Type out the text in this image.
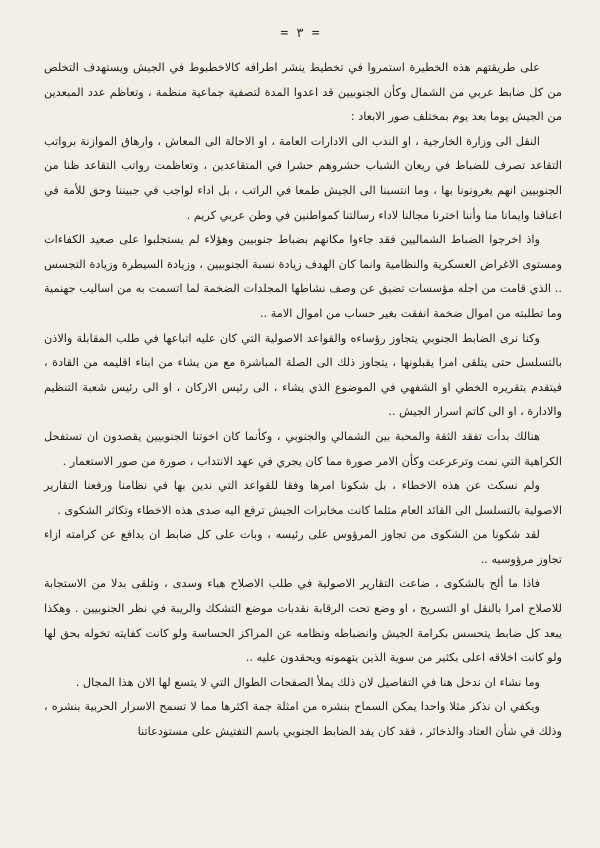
= ٣ =

على طريقتهم هذه الخطيرة استمروا في تخطيط ينشر اطرافه كالاخطبوط في الجيش ويستهدف التخلص من كل ضابط عربي من الشمال وكأن الجنوبيين قد اعدوا المدة لتصفية جماعية منظمة ، وتعاظم عدد المبعدين من الجيش يوما بعد يوم بمختلف صور الابعاد :

النقل الى وزارة الخارجية ، او الندب الى الادارات العامة ، او الاحالة الى المعاش ، وارهاق الموازنة برواتب التقاعد تصرف للضباط في ريعان الشباب حشروهم حشرا في المتقاعدين ، وتعاظمت رواتب التقاعد ظنا من الجنوبيين انهم يغرونونا بها ، وما انتسبنا الى الجيش طمعا في الراتب ، بل اداء لواجب في جبيننا وحق للأمة في اعناقنا وايمانا منا وأننا اخترنا مجالنا لاداء رسالتنا كمواطنين في وطن عربي كريم .

واذ اخرجوا الضباط الشماليين فقد جاءوا مكانهم بضباط جنوبيين وهؤلاء لم يستجلبوا على صعيد الكفاءات ومستوى الاغراض العسكرية والنظامية وانما كان الهدف زيادة نسبة الجنوبيين ، وزيادة السيطرة وزيادة التجسس .. الذي قامت من اجله مؤسسات تضيق عن وصف نشاطها المجلدات الضخمة لما اتسمت به من اساليب جهنمية وما تطلبته من اموال ضخمة انفقت بغير حساب من اموال الامة ..

وكنا نرى الضابط الجنوبي يتجاوز رؤساءه والقواعد الاصولية التي كان عليه اتباعها في طلب المقابلة والاذن بالتسلسل حتى يتلقى امرا يقبلونها ، يتجاوز ذلك الى الصلة المباشرة مع من يشاء من ابناء اقليمه من القادة ، فيتقدم بتقريره الخطي او الشفهي في الموضوع الذي يشاء ، الى رئيس الاركان ، او الى رئيس شعبة التنظيم والادارة ، او الى كاتم اسرار الجيش ..

هنالك بدأت تفقد الثقة والمحبة بين الشمالي والجنوبي ، وكأنما كان اخوتنا الجنوبيين يقصدون ان تستفحل الكراهية التي نمت وترعرعت وكأن الامر صورة مما كان يجري في عهد الانتداب ، صورة من صور الاستعمار .

ولم نسكت عن هذه الاخطاء ، بل شكونا امرها وفقا للقواعد التي ندين بها في نظامنا ورفعنا التقارير الاصولية بالتسلسل الى القائد العام مثلما كانت مخابرات الجيش ترفع اليه صدى هذه الاخطاء وتكاثر الشكوى .

لقد شكونا من الشكوى من تجاوز المرؤوس على رئيسه ، وبات على كل ضابط ان يدافع عن كرامته ازاء تجاوز مرؤوسيه ..

فاذا ما ألح بالشكوى ، ضاعت التقارير الاصولية في طلب الاصلاح هباء وسدى ، وتلقى بدلا من الاستجابة للاصلاح امرا بالنقل او التسريح ، او وضع تحت الرقابة نقدبات موضع التشكك والريبة في نظر الجنوبيين . وهكذا يبعد كل ضابط يتحسس بكرامة الجيش وانضباطه ونظامه عن المراكز الحساسة ولو كانت كفايته تخوله بحق لها ولو كانت اخلاقه اعلى بكثير من سوية الذين يتهمونه ويحقدون عليه ..

وما نشاء ان ندخل هنا في التفاصيل لان ذلك يملأ الصفحات الطوال التي لا يتسع لها الان هذا المجال .

ويكفي ان نذكر مثلا واحدا يمكن السماح بنشره من امثلة جمة اكثرها مما لا تسمح الاسرار الحربية بنشره ، وذلك في شأن العتاد والذخائر ، فقد كان يفد الضابط الجنوبي باسم التفتيش على مستودعاتنا
